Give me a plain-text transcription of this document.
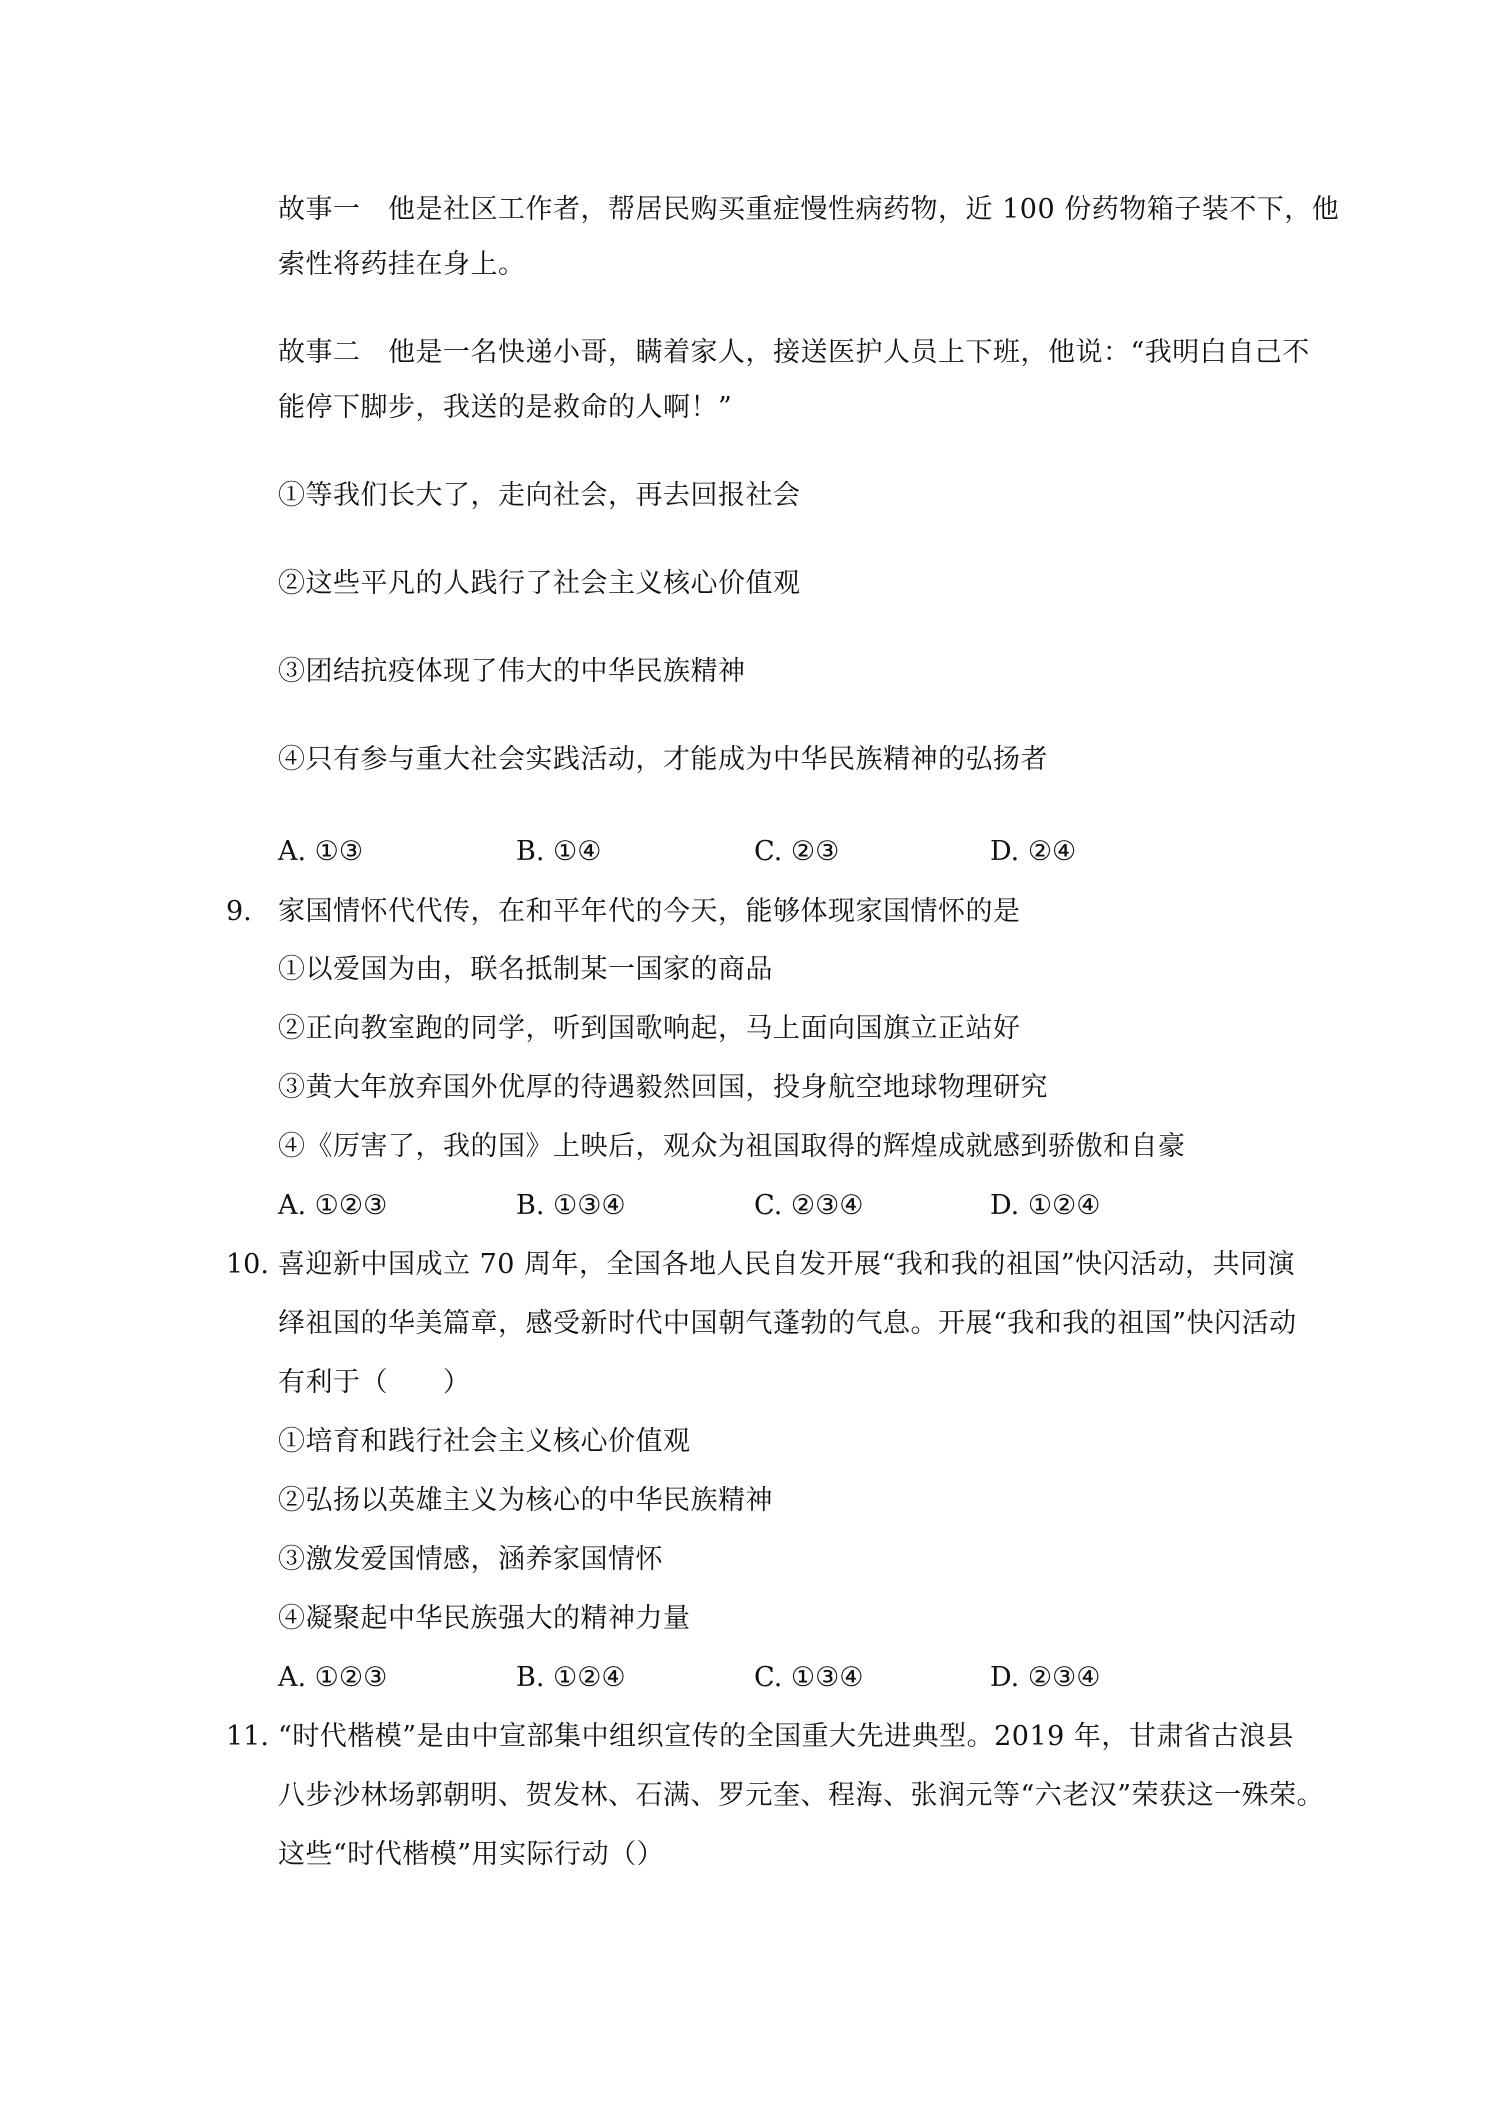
故事一　他是社区工作者，帮居民购买重症慢性病药物，近 100 份药物箱子装不下，他
索性将药挂在身上。
故事二　他是一名快递小哥，瞒着家人，接送医护人员上下班，他说：“我明白自己不
能停下脚步，我送的是救命的人啊！”
①等我们长大了，走向社会，再去回报社会
②这些平凡的人践行了社会主义核心价值观
③团结抗疫体现了伟大的中华民族精神
④只有参与重大社会实践活动，才能成为中华民族精神的弘扬者
A. ①③	B. ①④	C. ②③	D. ②④
9. 家国情怀代代传，在和平年代的今天，能够体现家国情怀的是
①以爱国为由，联名抵制某一国家的商品
②正向教室跑的同学，听到国歌响起，马上面向国旗立正站好
③黄大年放弃国外优厚的待遇毅然回国，投身航空地球物理研究
④《厉害了，我的国》上映后，观众为祖国取得的辉煌成就感到骄傲和自豪
A. ①②③	B. ①③④	C. ②③④	D. ①②④
10. 喜迎新中国成立 70 周年，全国各地人民自发开展“我和我的祖国”快闪活动，共同演
绎祖国的华美篇章，感受新时代中国朝气蓬勃的气息。开展“我和我的祖国”快闪活动
有利于（　　）
①培育和践行社会主义核心价值观
②弘扬以英雄主义为核心的中华民族精神
③激发爱国情感，涵养家国情怀
④凝聚起中华民族强大的精神力量
A. ①②③	B. ①②④	C. ①③④	D. ②③④
11. “时代楷模”是由中宣部集中组织宣传的全国重大先进典型。2019 年，甘肃省古浪县
八步沙林场郭朝明、贺发林、石满、罗元奎、程海、张润元等“六老汉”荣获这一殊荣。
这些“时代楷模”用实际行动（）
